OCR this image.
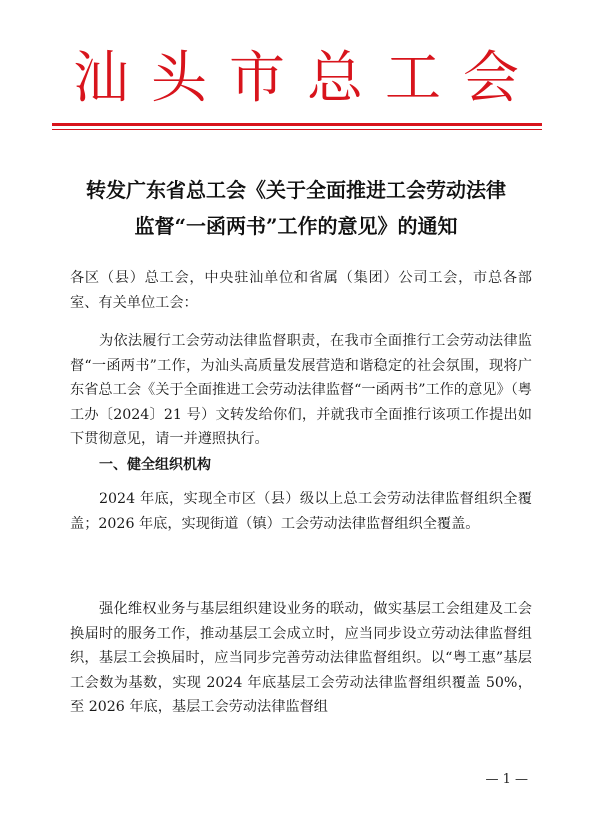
汕头市总工会
转发广东省总工会《关于全面推进工会劳动法律
监督“一函两书”工作的意见》的通知
各区（县）总工会，中央驻汕单位和省属（集团）公司工会，市总各部室、有关单位工会：
为依法履行工会劳动法律监督职责，在我市全面推行工会劳动法律监督“一函两书”工作，为汕头高质量发展营造和谐稳定的社会氛围，现将广东省总工会《关于全面推进工会劳动法律监督“一函两书”工作的意见》（粤工办〔2024〕21 号）文转发给你们，并就我市全面推行该项工作提出如下贯彻意见，请一并遵照执行。
一、健全组织机构
2024 年底，实现全市区（县）级以上总工会劳动法律监督组织全覆盖；2026 年底，实现街道（镇）工会劳动法律监督组织全覆盖。
强化维权业务与基层组织建设业务的联动，做实基层工会组建及工会换届时的服务工作，推动基层工会成立时，应当同步设立劳动法律监督组织，基层工会换届时，应当同步完善劳动法律监督组织。以“粤工惠”基层工会数为基数，实现 2024 年底基层工会劳动法律监督组织覆盖 50%，至 2026 年底，基层工会劳动法律监督组
— 1 —
